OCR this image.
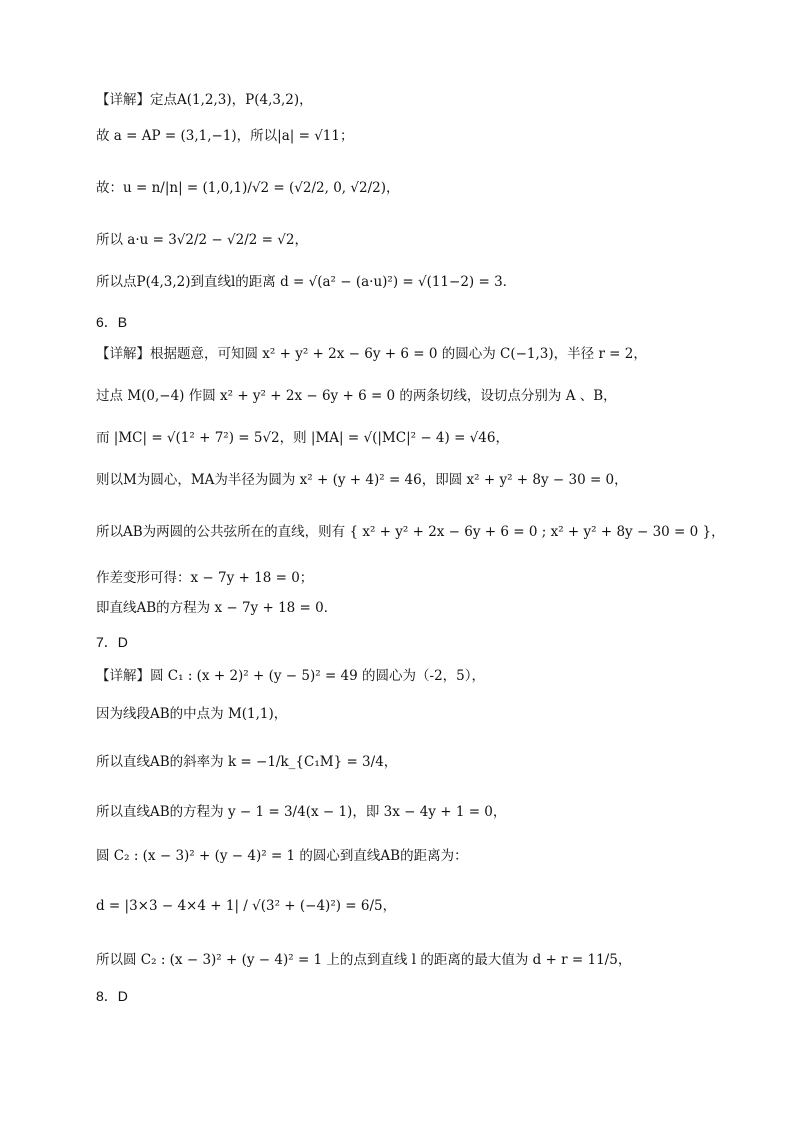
【详解】定点A(1,2,3)，P(4,3,2)，
故 a = AP = (3,1,−1)，所以|a| = √11；
故：u = n/|n| = (1,0,1)/√2 = (√2/2, 0, √2/2)，
所以 a·u = 3√2/2 − √2/2 = √2，
所以点P(4,3,2)到直线l的距离 d = √(a² − (a·u)²) = √(11−2) = 3．
6．B
【详解】根据题意，可知圆 x² + y² + 2x − 6y + 6 = 0 的圆心为 C(−1,3)，半径 r = 2，
过点 M(0,−4) 作圆 x² + y² + 2x − 6y + 6 = 0 的两条切线，设切点分别为 A 、B，
而 |MC| = √(1² + 7²) = 5√2，则 |MA| = √(|MC|² − 4) = √46，
则以M为圆心，MA为半径为圆为 x² + (y + 4)² = 46，即圆 x² + y² + 8y − 30 = 0，
所以AB为两圆的公共弦所在的直线，则有 { x² + y² + 2x − 6y + 6 = 0 ; x² + y² + 8y − 30 = 0 }，
作差变形可得：x − 7y + 18 = 0；
即直线AB的方程为 x − 7y + 18 = 0．
7．D
【详解】圆 C₁ : (x + 2)² + (y − 5)² = 49 的圆心为（-2，5），
因为线段AB的中点为 M(1,1)，
所以直线AB的斜率为 k = −1/k_{C₁M} = 3/4，
所以直线AB的方程为 y − 1 = 3/4(x − 1)，即 3x − 4y + 1 = 0，
圆 C₂ : (x − 3)² + (y − 4)² = 1 的圆心到直线AB的距离为：
d = |3×3 − 4×4 + 1| / √(3² + (−4)²) = 6/5，
所以圆 C₂ : (x − 3)² + (y − 4)² = 1 上的点到直线 l 的距离的最大值为 d + r = 11/5，
8．D
